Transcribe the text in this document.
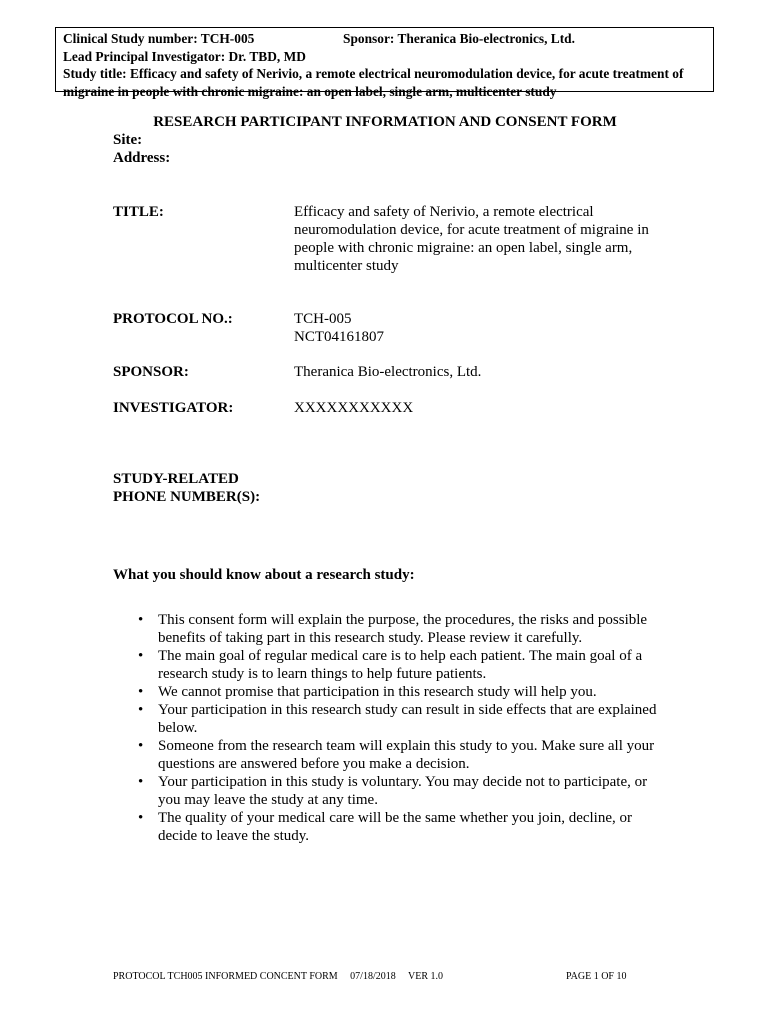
Clinical Study number: TCH-005	Sponsor: Theranica Bio-electronics, Ltd.
Lead Principal Investigator: Dr. TBD, MD
Study title: Efficacy and safety of Nerivio, a remote electrical neuromodulation device, for acute treatment of
migraine in people with chronic migraine: an open label, single arm, multicenter study
RESEARCH PARTICIPANT INFORMATION AND CONSENT FORM
Site:
Address:
TITLE:	Efficacy and safety of Nerivio, a remote electrical neuromodulation device, for acute treatment of migraine in people with chronic migraine: an open label, single arm, multicenter study
PROTOCOL NO.:	TCH-005
NCT04161807
SPONSOR:	Theranica Bio-electronics, Ltd.
INVESTIGATOR:	XXXXXXXXXXX
STUDY-RELATED
PHONE NUMBER(S):
What you should know about a research study:
• This consent form will explain the purpose, the procedures, the risks and possible benefits of taking part in this research study. Please review it carefully.
• The main goal of regular medical care is to help each patient. The main goal of a research study is to learn things to help future patients.
• We cannot promise that participation in this research study will help you.
• Your participation in this research study can result in side effects that are explained below.
• Someone from the research team will explain this study to you. Make sure all your questions are answered before you make a decision.
• Your participation in this study is voluntary. You may decide not to participate, or you may leave the study at any time.
• The quality of your medical care will be the same whether you join, decline, or decide to leave the study.
PROTOCOL TCH005 INFORMED CONCENT FORM     07/18/2018     VER 1.0	PAGE 1 OF 10
